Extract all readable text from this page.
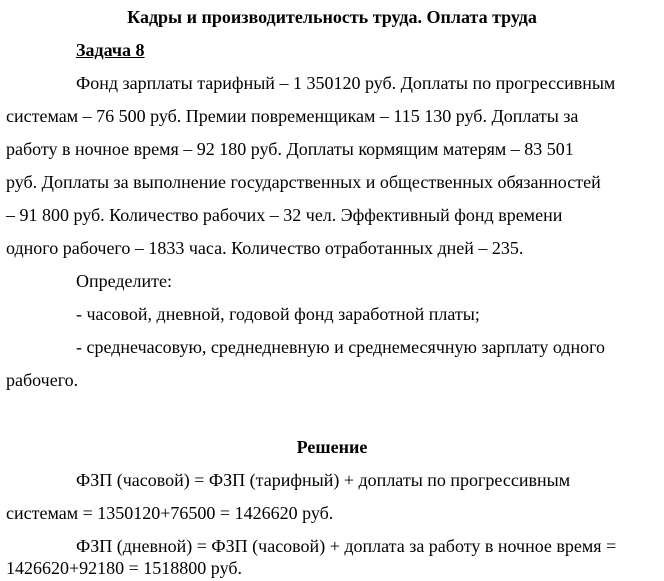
Кадры и производительность труда. Оплата труда
Задача 8
Фонд зарплаты тарифный – 1 350120 руб. Доплаты по прогрессивным
системам – 76 500 руб. Премии повременщикам – 115 130 руб. Доплаты за
работу в ночное время – 92 180 руб. Доплаты кормящим матерям – 83 501
руб. Доплаты за выполнение государственных и общественных обязанностей
– 91 800 руб. Количество рабочих – 32 чел. Эффективный фонд времени
одного рабочего – 1833 часа. Количество отработанных дней – 235.
Определите:
- часовой, дневной, годовой фонд заработной платы;
- среднечасовую, среднедневную и среднемесячную зарплату одного
рабочего.
Решение
ФЗП (часовой) = ФЗП (тарифный) + доплаты по прогрессивным
системам = 1350120+76500 = 1426620 руб.
ФЗП (дневной) = ФЗП (часовой) + доплата за работу в ночное время =
1426620+92180 = 1518800 руб.
